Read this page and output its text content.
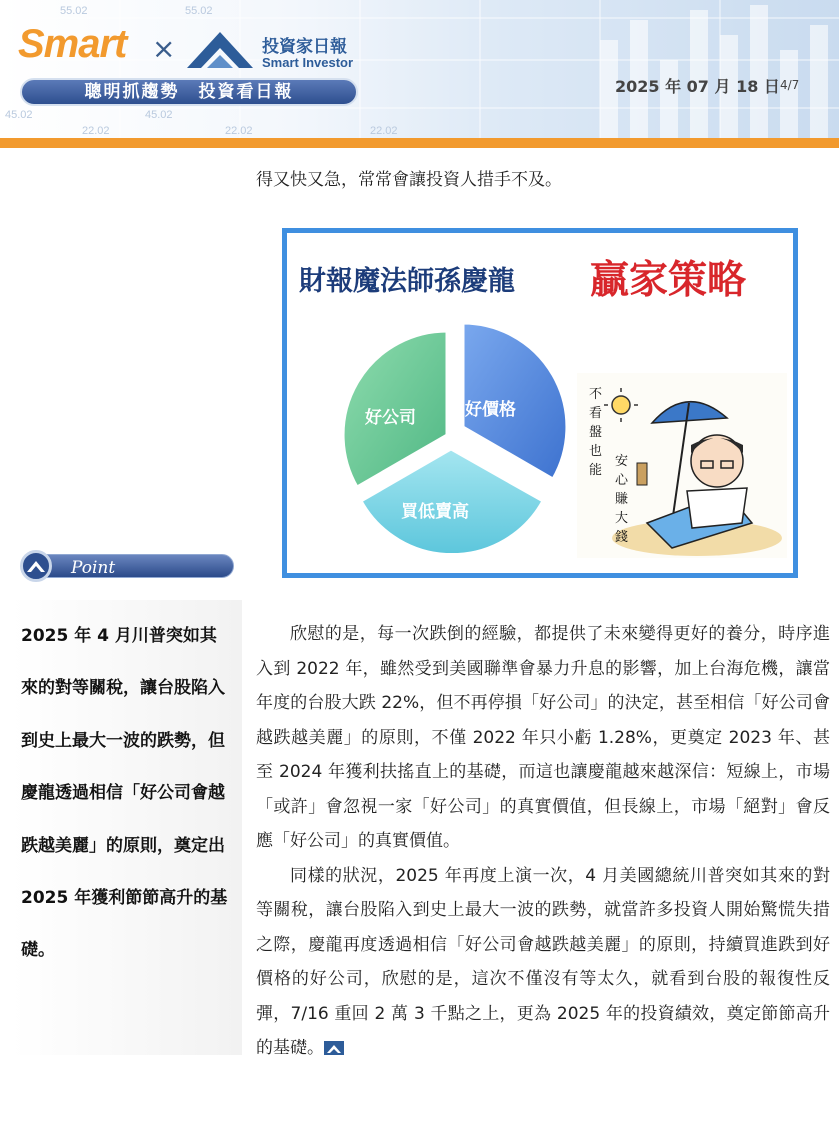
55.02	55.02
45.02	45.02
22.02	22.02	22.02
Smart ×	投資家日報
Smart Investor
聰明抓趨勢　投資看日報	2025 年 07 月 18 日 4/7
得又快又急，常常會讓投資人措手不及。
財報魔法師孫慶龍 贏家策略
好公司	好價格
買低賣高
不
看
盤
也
能
安
心
賺
大
錢
Point
2025 年 4 月川普突如其來的對等關稅，讓台股陷入到史上最大一波的跌勢，但慶龍透過相信「好公司會越跌越美麗」的原則，奠定出 2025 年獲利節節高升的基礎。

欣慰的是，每一次跌倒的經驗，都提供了未來變得更好的養分，時序進入到 2022 年，雖然受到美國聯準會暴力升息的影響，加上台海危機，讓當年度的台股大跌 22%，但不再停損「好公司」的決定，甚至相信「好公司會越跌越美麗」的原則，不僅 2022 年只小虧 1.28%，更奠定 2023 年、甚至 2024 年獲利扶搖直上的基礎，而這也讓慶龍越來越深信：短線上，市場「或許」會忽視一家「好公司」的真實價值，但長線上，市場「絕對」會反應「好公司」的真實價值。

同樣的狀況，2025 年再度上演一次，4 月美國總統川普突如其來的對等關稅，讓台股陷入到史上最大一波的跌勢，就當許多投資人開始驚慌失措之際，慶龍再度透過相信「好公司會越跌越美麗」的原則，持續買進跌到好價格的好公司，欣慰的是，這次不僅沒有等太久，就看到台股的報復性反彈，7/16 重回 2 萬 3 千點之上，更為 2025 年的投資績效，奠定節節高升的基礎。
